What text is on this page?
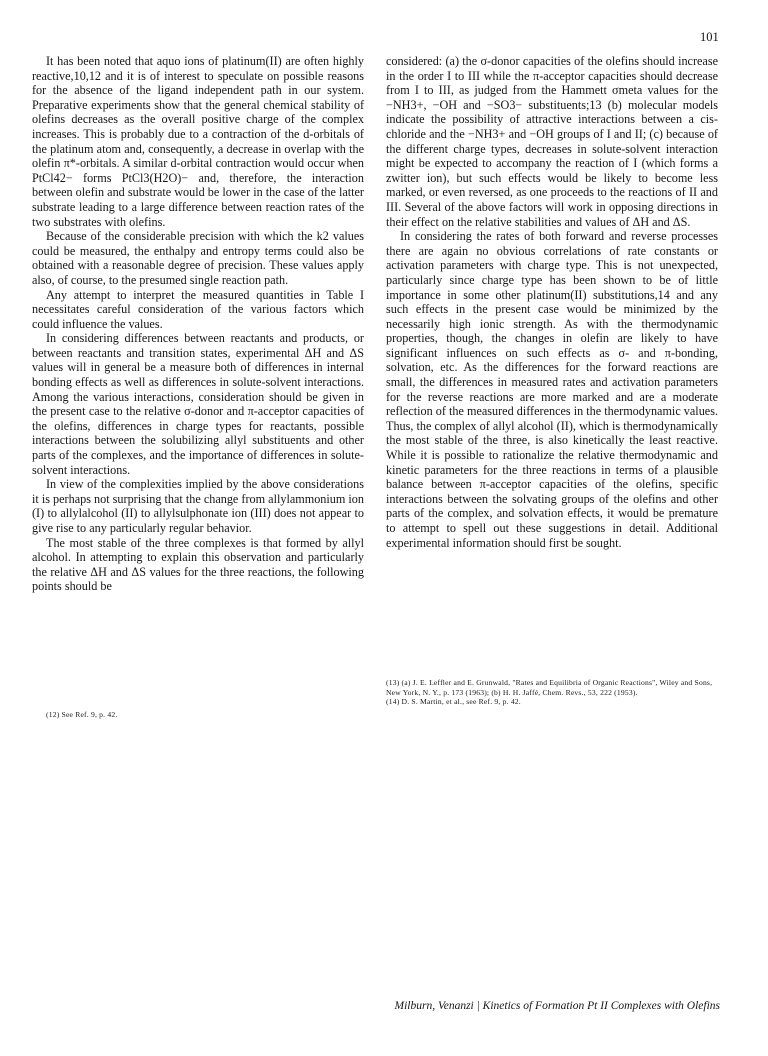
101

It has been noted that aquo ions of platinum(II) are often highly reactive,10,12 and it is of interest to speculate on possible reasons for the absence of the ligand independent path in our system. Preparative experiments show that the general chemical stability of olefins decreases as the overall positive charge of the complex increases. This is probably due to a contraction of the d-orbitals of the platinum atom and, consequently, a decrease in overlap with the olefin π*-orbitals. A similar d-orbital contraction would occur when PtCl42− forms PtCl3(H2O)− and, therefore, the interaction between olefin and substrate would be lower in the case of the latter substrate leading to a large difference between reaction rates of the two substrates with olefins.

Because of the considerable precision with which the k2 values could be measured, the enthalpy and entropy terms could also be obtained with a reasonable degree of precision. These values apply also, of course, to the presumed single reaction path.

Any attempt to interpret the measured quantities in Table I necessitates careful consideration of the various factors which could influence the values.

In considering differences between reactants and products, or between reactants and transition states, experimental ΔH and ΔS values will in general be a measure both of differences in internal bonding effects as well as differences in solute-solvent interactions. Among the various interactions, consideration should be given in the present case to the relative σ-donor and π-acceptor capacities of the olefins, differences in charge types for reactants, possible interactions between the solubilizing allyl substituents and other parts of the complexes, and the importance of differences in solute-solvent interactions.

In view of the complexities implied by the above considerations it is perhaps not surprising that the change from allylammonium ion (I) to allylalcohol (II) to allylsulphonate ion (III) does not appear to give rise to any particularly regular behavior.

The most stable of the three complexes is that formed by allyl alcohol. In attempting to explain this observation and particularly the relative ΔH and ΔS values for the three reactions, the following points should be

considered: (a) the σ-donor capacities of the olefins should increase in the order I to III while the π-acceptor capacities should decrease from I to III, as judged from the Hammett σmeta values for the −NH3+, −OH and −SO3− substituents;13 (b) molecular models indicate the possibility of attractive interactions between a cis-chloride and the −NH3+ and −OH groups of I and II; (c) because of the different charge types, decreases in solute-solvent interaction might be expected to accompany the reaction of I (which forms a zwitter ion), but such effects would be likely to become less marked, or even reversed, as one proceeds to the reactions of II and III. Several of the above factors will work in opposing directions in their effect on the relative stabilities and values of ΔH and ΔS.

In considering the rates of both forward and reverse processes there are again no obvious correlations of rate constants or activation parameters with charge type. This is not unexpected, particularly since charge type has been shown to be of little importance in some other platinum(II) substitutions,14 and any such effects in the present case would be minimized by the necessarily high ionic strength. As with the thermodynamic properties, though, the changes in olefin are likely to have significant influences on such effects as σ- and π-bonding, solvation, etc. As the differences for the forward reactions are small, the differences in measured rates and activation parameters for the reverse reactions are more marked and are a moderate reflection of the measured differences in the thermodynamic values. Thus, the complex of allyl alcohol (II), which is thermodynamically the most stable of the three, is also kinetically the least reactive. While it is possible to rationalize the relative thermodynamic and kinetic parameters for the three reactions in terms of a plausible balance between π-acceptor capacities of the olefins, specific interactions between the solvating groups of the olefins and other parts of the complex, and solvation effects, it would be premature to attempt to spell out these suggestions in detail. Additional experimental information should first be sought.

(12) See Ref. 9, p. 42.

(13) (a) J. E. Leffler and E. Grunwald, "Rates and Equilibria of Organic Reactions", Wiley and Sons, New York, N. Y., p. 173 (1963); (b) H. H. Jaffé, Chem. Revs., 53, 222 (1953).

(14) D. S. Martin, et al., see Ref. 9, p. 42.

Milburn, Venanzi | Kinetics of Formation Pt II Complexes with Olefins
